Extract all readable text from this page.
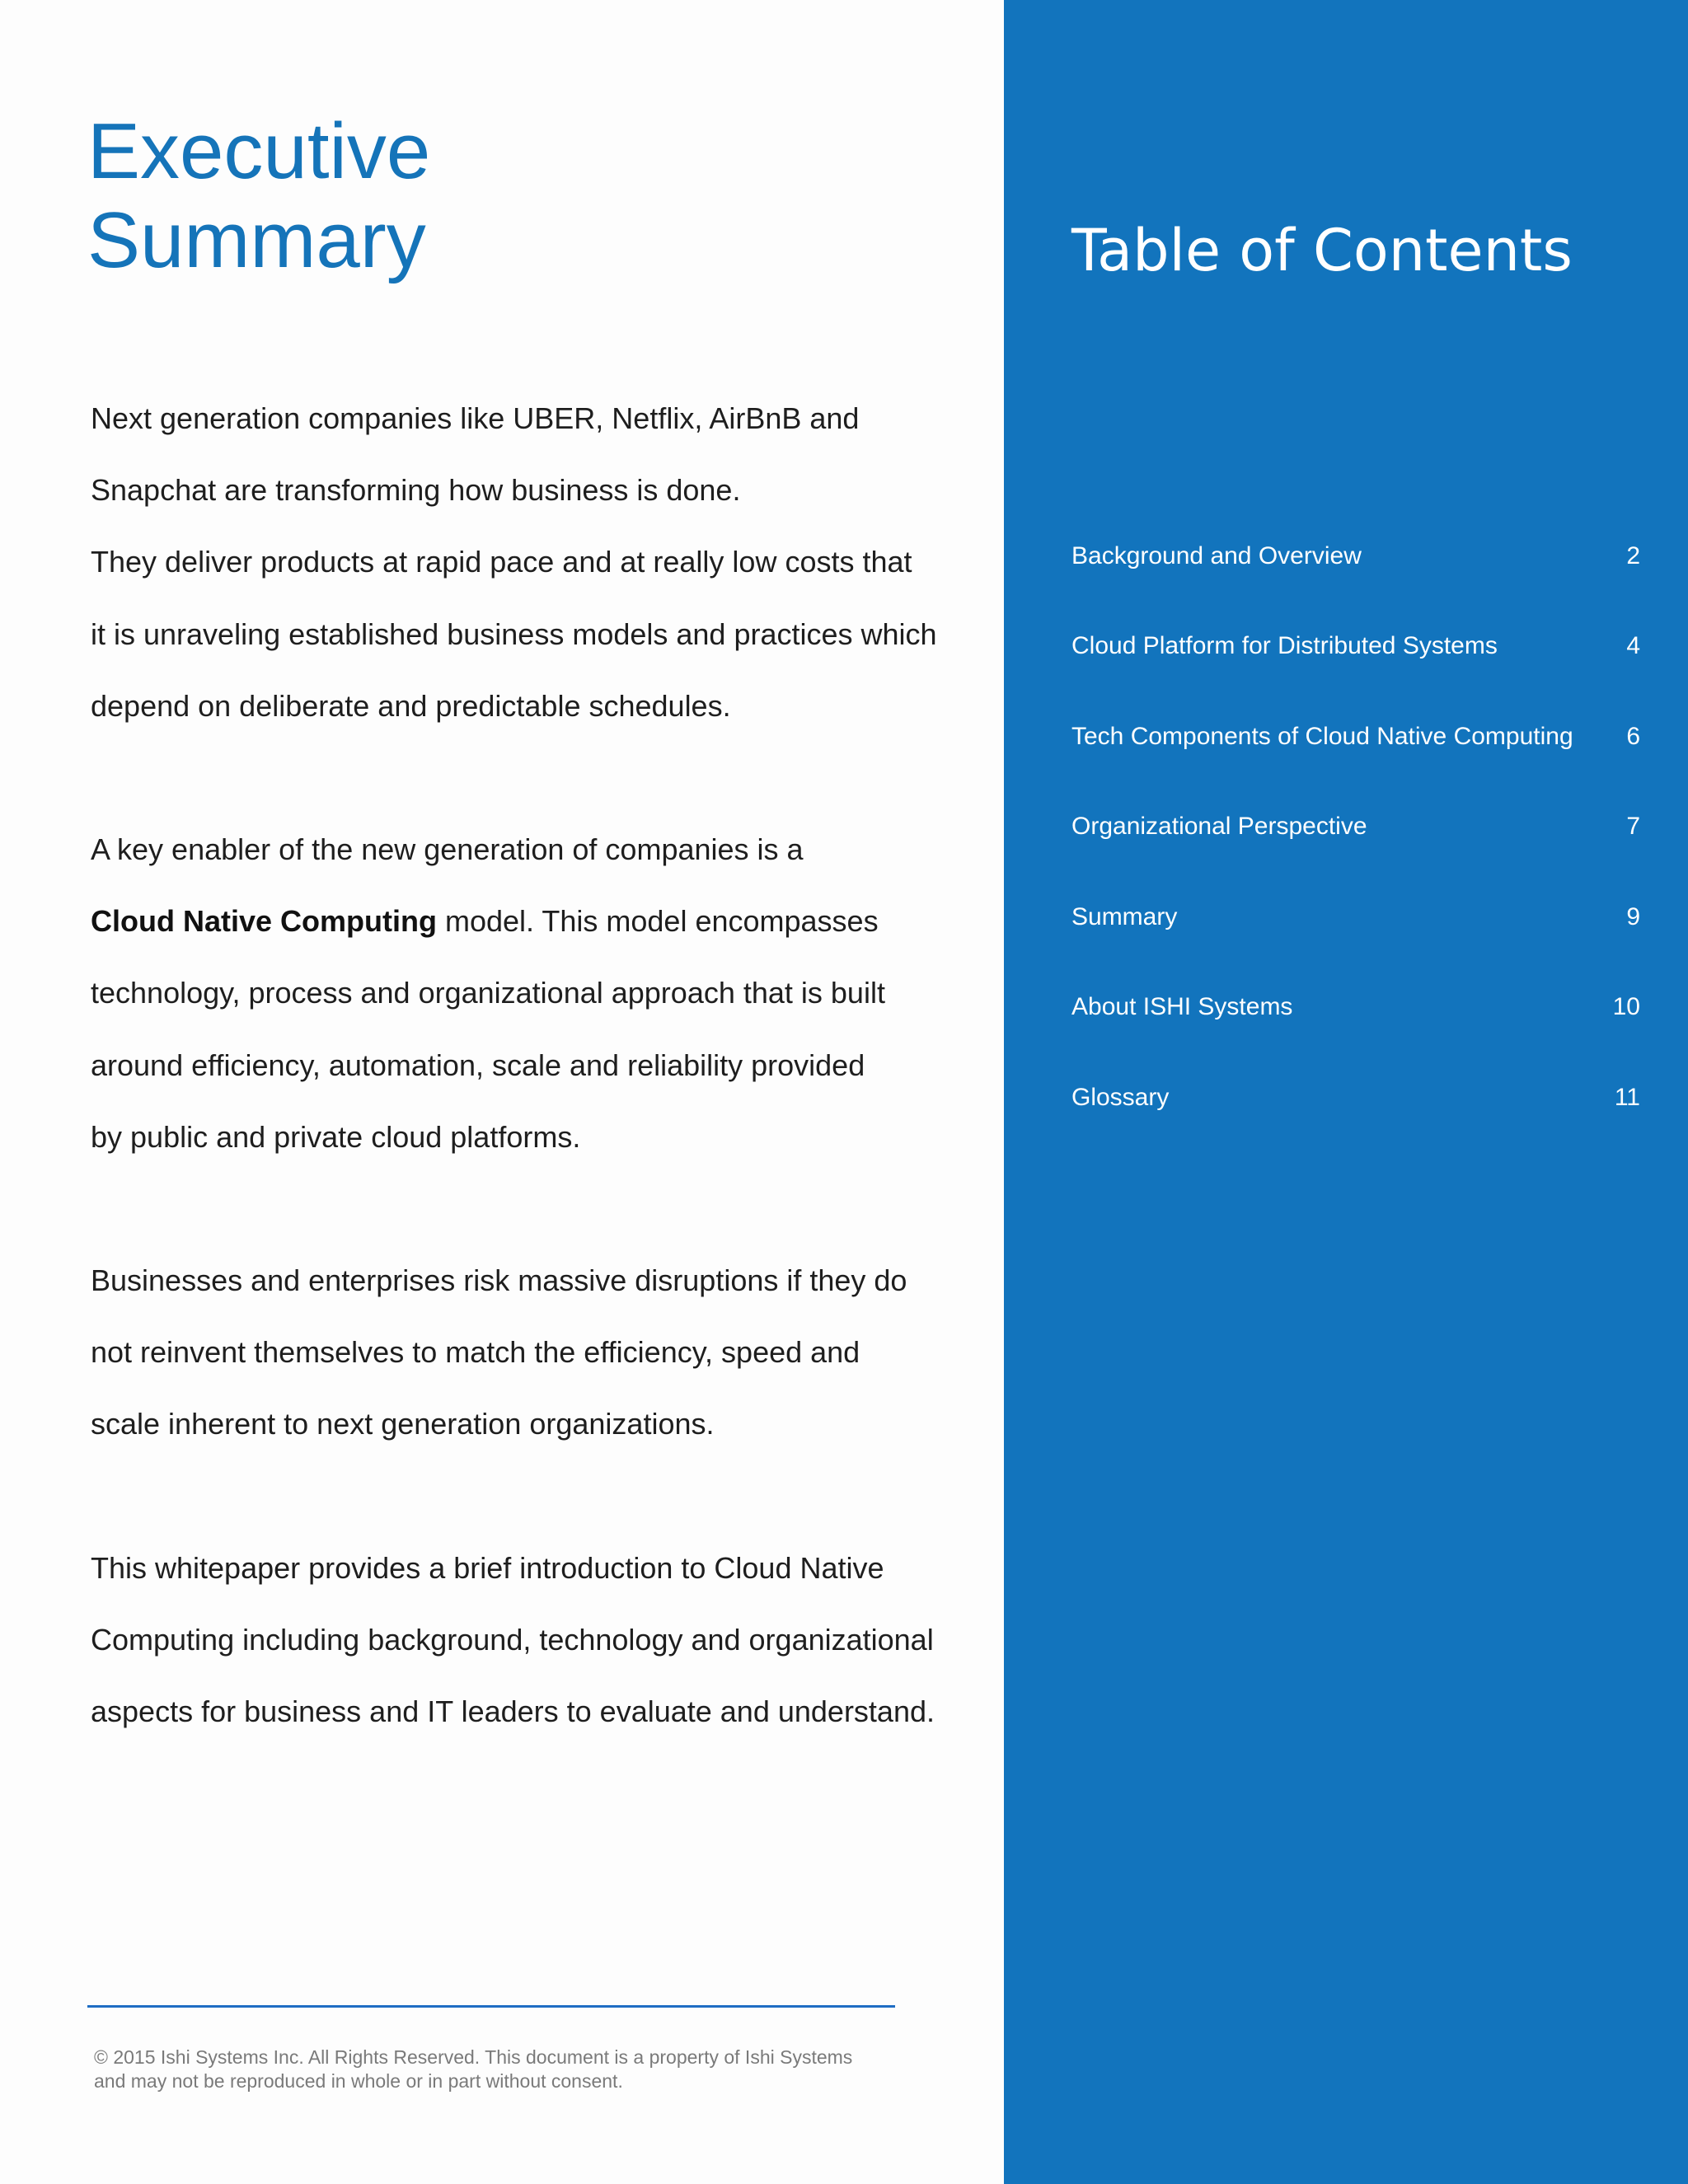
Executive
Summary

Next generation companies like UBER, Netflix, AirBnB and
Snapchat are transforming how business is done.
They deliver products at rapid pace and at really low costs that
it is unraveling established business models and practices which
depend on deliberate and predictable schedules.

A key enabler of the new generation of companies is a
Cloud Native Computing model. This model encompasses
technology, process and organizational approach that is built
around efficiency, automation, scale and reliability provided
by public and private cloud platforms.

Businesses and enterprises risk massive disruptions if they do
not reinvent themselves to match the efficiency, speed and
scale inherent to next generation organizations.

This whitepaper provides a brief introduction to Cloud Native
Computing including background, technology and organizational
aspects for business and IT leaders to evaluate and understand.

© 2015 Ishi Systems Inc. All Rights Reserved. This document is a property of Ishi Systems
and may not be reproduced in whole or in part without consent.
Table of Contents
Background and Overview	2
Cloud Platform for Distributed Systems	4
Tech Components of Cloud Native Computing	6
Organizational Perspective	7
Summary	9
About ISHI Systems	10
Glossary	11
